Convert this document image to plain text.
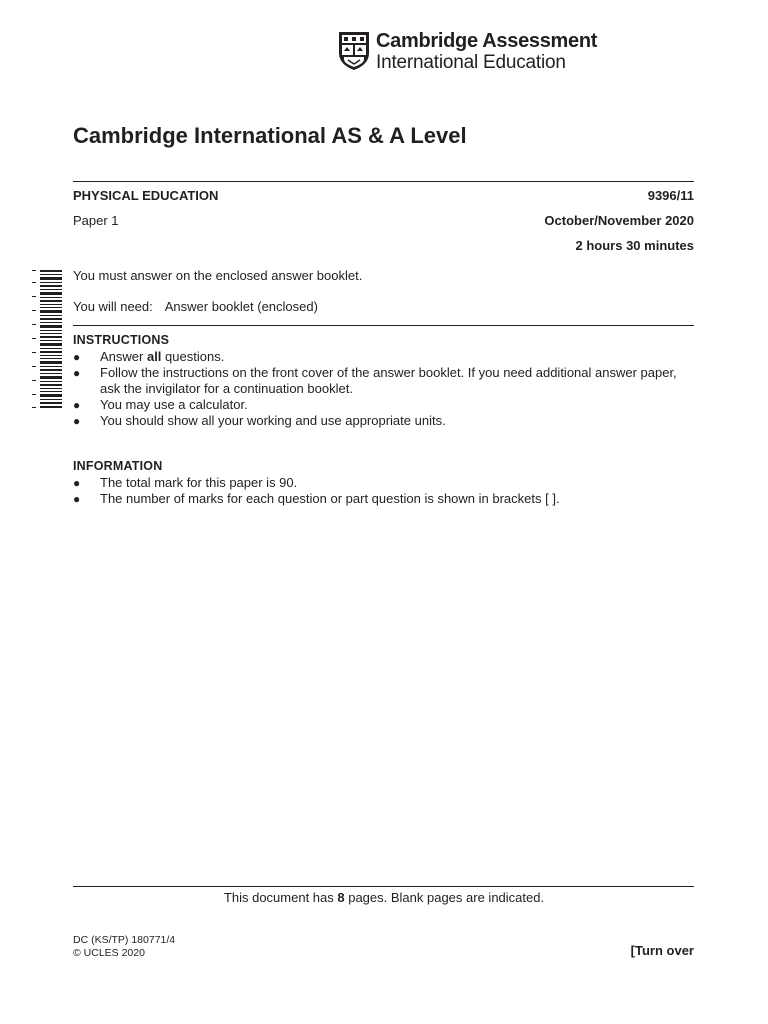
Cambridge Assessment
International Education
Cambridge International AS & A Level
PHYSICAL EDUCATION	9396/11
Paper 1	October/November 2020
2 hours 30 minutes
You must answer on the enclosed answer booklet.
You will need: Answer booklet (enclosed)
INSTRUCTIONS
● Answer all questions.
● Follow the instructions on the front cover of the answer booklet. If you need additional answer paper,
ask the invigilator for a continuation booklet.
● You may use a calculator.
● You should show all your working and use appropriate units.
INFORMATION
● The total mark for this paper is 90.
● The number of marks for each question or part question is shown in brackets [ ].
This document has 8 pages. Blank pages are indicated.
DC (KS/TP) 180771/4
© UCLES 2020	[Turn over
